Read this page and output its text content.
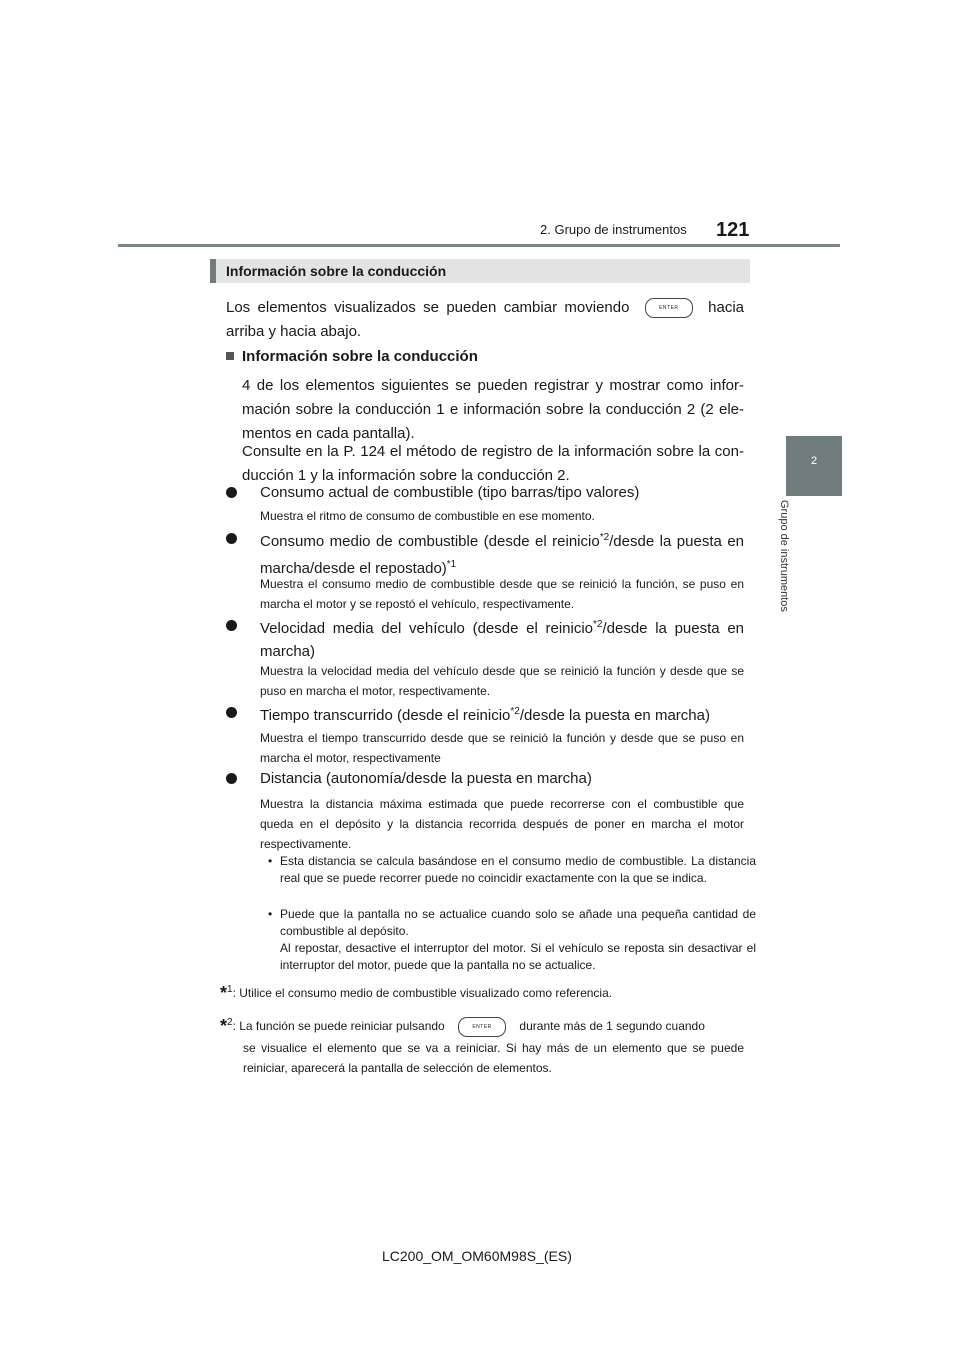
2. Grupo de instrumentos 121
2
Grupo de instrumentos
Información sobre la conducción
Los elementos visualizados se pueden cambiar moviendo	ENTER hacia arriba y hacia abajo.
Información sobre la conducción
4 de los elementos siguientes se pueden registrar y mostrar como infor-mación sobre la conducción 1 e información sobre la conducción 2 (2 ele-mentos en cada pantalla).
Consulte en la P. 124 el método de registro de la información sobre la con-ducción 1 y la información sobre la conducción 2.
Consumo actual de combustible (tipo barras/tipo valores)
Muestra el ritmo de consumo de combustible en ese momento.
Consumo medio de combustible (desde el reinicio$^{*2}$/desde la puesta en marcha/desde el repostado)$^{*1}$
Muestra el consumo medio de combustible desde que se reinició la función, se puso en marcha el motor y se repostó el vehículo, respectivamente.
Velocidad media del vehículo (desde el reinicio$^{*2}$/desde la puesta en marcha)
Muestra la velocidad media del vehículo desde que se reinició la función y desde que se puso en marcha el motor, respectivamente.
Tiempo transcurrido (desde el reinicio$^{*2}$/desde la puesta en marcha)
Muestra el tiempo transcurrido desde que se reinició la función y desde que se puso en marcha el motor, respectivamente
Distancia (autonomía/desde la puesta en marcha)
Muestra la distancia máxima estimada que puede recorrerse con el combustible que queda en el depósito y la distancia recorrida después de poner en marcha el motor respectivamente.
• Esta distancia se calcula basándose en el consumo medio de combustible. La distancia real que se puede recorrer puede no coincidir exactamente con la que se indica.
• Puede que la pantalla no se actualice cuando solo se añade una pequeña cantidad de combustible al depósito.
Al repostar, desactive el interruptor del motor. Si el vehículo se reposta sin desactivar el interruptor del motor, puede que la pantalla no se actualice.
*$^1$: Utilice el consumo medio de combustible visualizado como referencia.
*$^2$: La función se puede reiniciar pulsando	ENTER durante más de 1 segundo cuando
se visualice el elemento que se va a reiniciar. Si hay más de un elemento que se puede reiniciar, aparecerá la pantalla de selección de elementos.
LC200_OM_OM60M98S_(ES)
